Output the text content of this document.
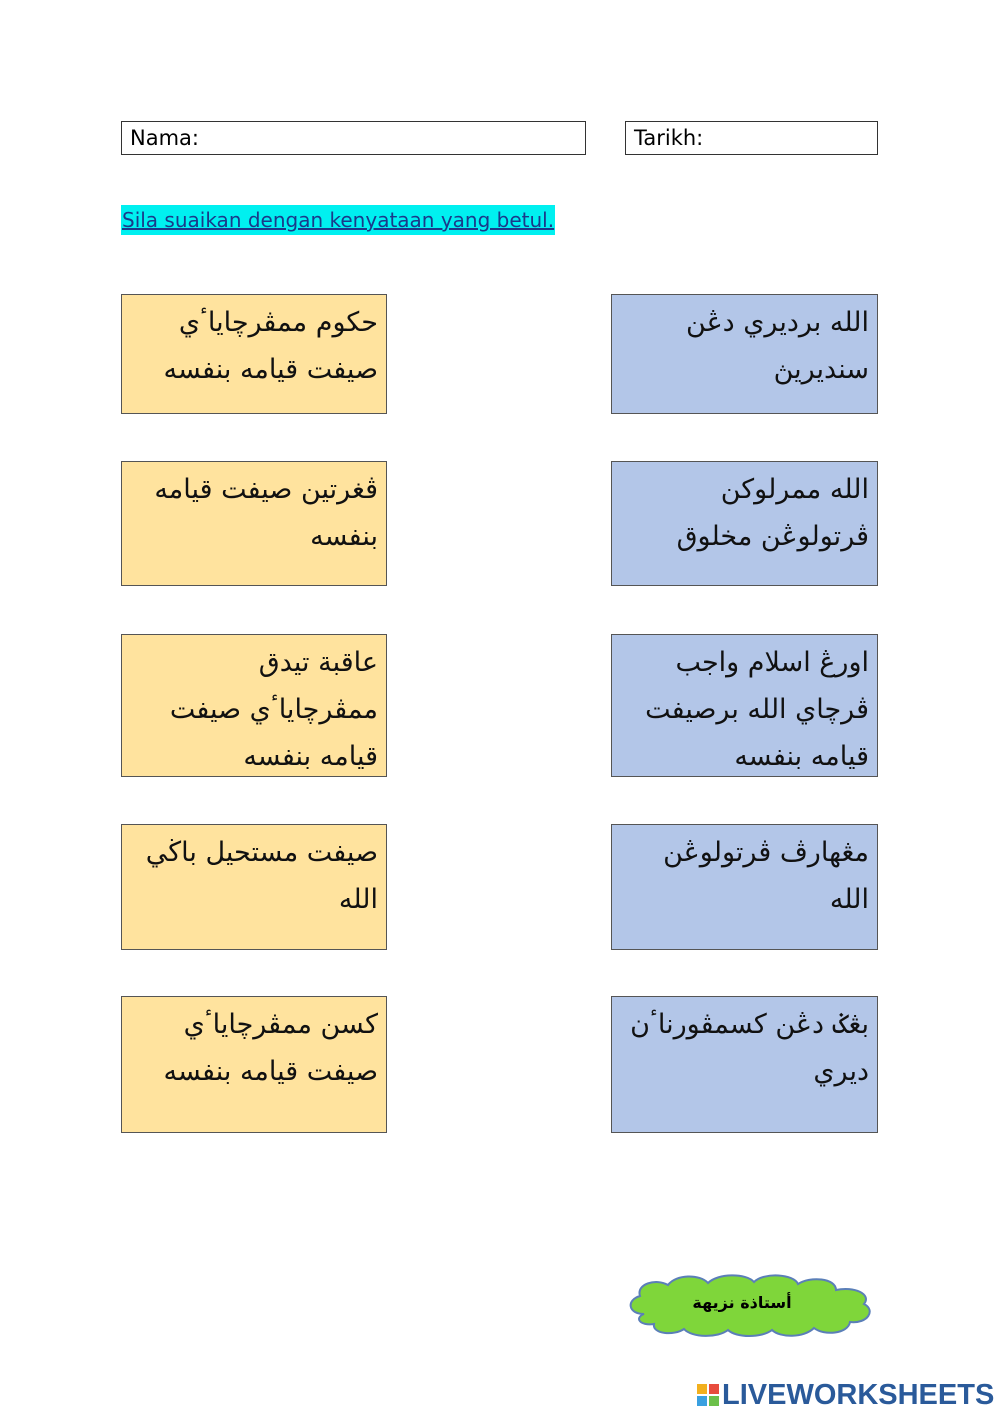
Nama:	Tarikh:
Sila suaikan dengan kenyataan yang betul.
حكوم ممڤرچاياٴي صيفت قيامه بنفسه
ڤغرتين صيفت قيامه بنفسه
عاقبة تيدق ممڤرچاياٴي صيفت قيامه بنفسه
صيفت مستحيل باڬي الله
كسن ممڤرچاياٴي صيفت قيامه بنفسه
الله برديري دڠن سنديريڽ
الله ممرلوكن ڤرتولوڠن مخلوق
اورڠ اسلام واجب ڤرچاي الله برصيفت قيامه بنفسه
مڠهارڤ ڤرتولوڠن الله
بڠݢ دڠن كسمڤورناٴن ديري
أستاذة نزيهة
LIVEWORKSHEETS
